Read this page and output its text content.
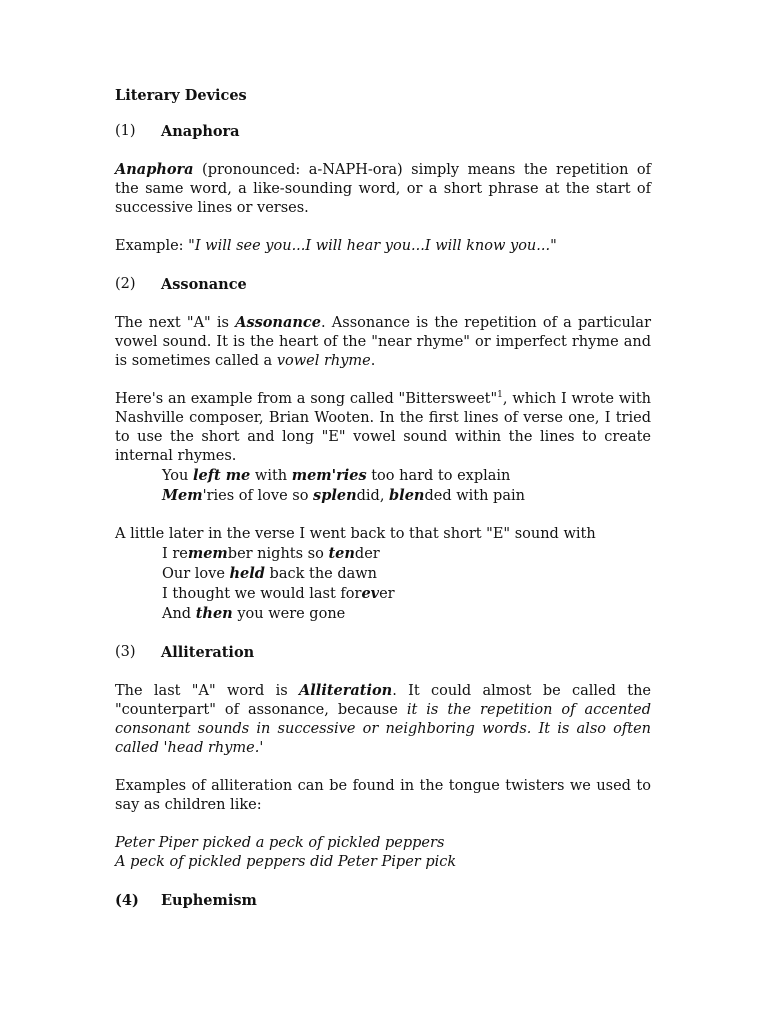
Literary Devices
(1)	Anaphora

Anaphora (pronounced: a-NAPH-ora) simply means the repetition of the same word, a like-sounding word, or a short phrase at the start of successive lines or verses.

Example: "I will see you...I will hear you...I will know you..."

(2)	Assonance

The next "A" is Assonance. Assonance is the repetition of a particular vowel sound. It is the heart of the "near rhyme" or imperfect rhyme and is sometimes called a vowel rhyme.

Here's an example from a song called "Bittersweet"$^1$, which I wrote with Nashville composer, Brian Wooten. In the first lines of verse one, I tried to use the short and long "E" vowel sound within the lines to create internal rhymes.

You left me with mem'ries too hard to explain
Mem'ries of love so splendid, blended with pain

A little later in the verse I went back to that short "E" sound with

I remember nights so tender
Our love held back the dawn
I thought we would last forever
And then you were gone
(3)	Alliteration

The last "A" word is Alliteration. It could almost be called the "counterpart" of assonance, because it is the repetition of accented consonant sounds in successive or neighboring words. It is also often called 'head rhyme.'

Examples of alliteration can be found in the tongue twisters we used to say as children like:

Peter Piper picked a peck of pickled peppers
A peck of pickled peppers did Peter Piper pick
(4)	Euphemism
